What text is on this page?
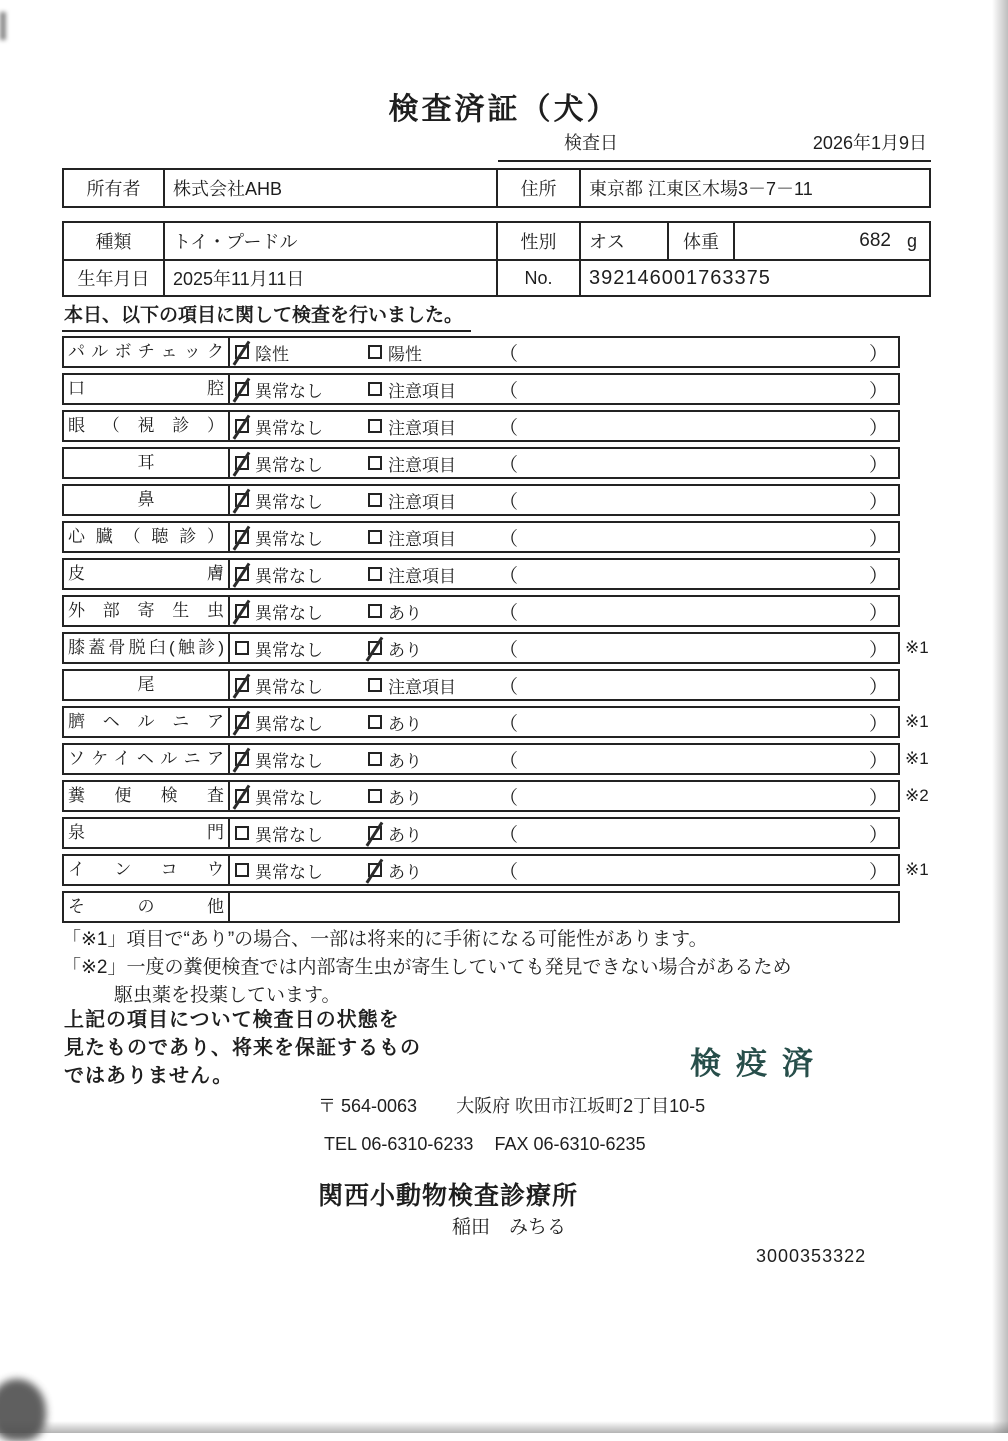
検査済証（犬）
検査日	2026年1月9日
所有者	株式会社AHB	住所	東京都 江東区木場3－7－11
種類	トイ・プードル	性別	オス	体重	682 g
生年月日	2025年11月11日	No.	392146001763375
本日、以下の項目に関して検査を行いました。
パルボチェック	陰性	陽性	（	）
口腔	異常なし	注意項目 （	）
眼（視診）	異常なし	注意項目 （	）
耳	異常なし	注意項目 （	）
鼻	異常なし	注意項目 （	）
心臓（聴診）	異常なし	注意項目 （	）
皮膚	異常なし	注意項目 （	）
外部寄生虫	異常なし	あり	（	）
膝蓋骨脱臼(触診)	異常なし	あり	（	） ※1
尾	異常なし	注意項目 （	）
臍ヘルニア	異常なし	あり	（	） ※1
ソケイヘルニア	異常なし	あり	（	） ※1
糞便検査	異常なし	あり	（	） ※2
泉門	異常なし	あり	（	）
インコウ	異常なし	あり	（	） ※1
その他
「※1」項目で“あり”の場合、一部は将来的に手術になる可能性があります。
「※2」一度の糞便検査では内部寄生虫が寄生していても発見できない場合があるため
駆虫薬を投薬しています。
上記の項目について検査日の状態を
見たものであり、将来を保証するもの
ではありません。	検疫済
〒 564-0063 大阪府 吹田市江坂町2丁目10-5
TEL 06-6310-6233 FAX 06-6310-6235
関西小動物検査診療所
稲田　みちる
3000353322
